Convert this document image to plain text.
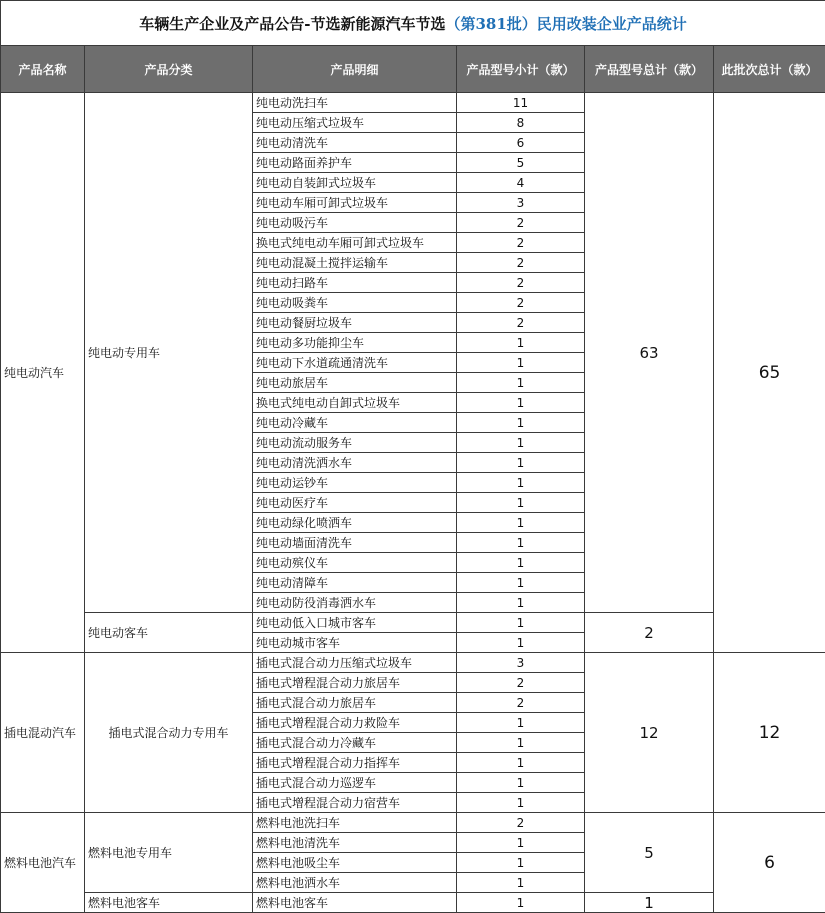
车辆生产企业及产品公告-节选新能源汽车节选（第381批）民用改装企业产品统计					
产品名称	产品分类	产品明细	产品型号小计（款）	产品型号总计（款）	此批次总计（款）
纯电动汽车	纯电动专用车	纯电动洗扫车	11	63	65
		纯电动压缩式垃圾车	8		
		纯电动清洗车	6		
		纯电动路面养护车	5		
		纯电动自装卸式垃圾车	4		
		纯电动车厢可卸式垃圾车	3		
		纯电动吸污车	2		
		换电式纯电动车厢可卸式垃圾车	2		
		纯电动混凝土搅拌运输车	2		
		纯电动扫路车	2		
		纯电动吸粪车	2		
		纯电动餐厨垃圾车	2		
		纯电动多功能抑尘车	1		
		纯电动下水道疏通清洗车	1		
		纯电动旅居车	1		
		换电式纯电动自卸式垃圾车	1		
		纯电动冷藏车	1		
		纯电动流动服务车	1		
		纯电动清洗洒水车	1		
		纯电动运钞车	1		
		纯电动医疗车	1		
		纯电动绿化喷洒车	1		
		纯电动墙面清洗车	1		
		纯电动殡仪车	1		
		纯电动清障车	1		
		纯电动防役消毒洒水车	1		
	纯电动客车	纯电动低入口城市客车	1	2	
		纯电动城市客车	1		
插电混动汽车	插电式混合动力专用车	插电式混合动力压缩式垃圾车	3	12	12
		插电式增程混合动力旅居车	2		
		插电式混合动力旅居车	2		
		插电式增程混合动力救险车	1		
		插电式混合动力冷藏车	1		
		插电式增程混合动力指挥车	1		
		插电式混合动力巡逻车	1		
		插电式增程混合动力宿营车	1		
燃料电池汽车	燃料电池专用车	燃料电池洗扫车	2	5	6
		燃料电池清洗车	1		
		燃料电池吸尘车	1		
		燃料电池洒水车	1		
	燃料电池客车	燃料电池客车	1	1	
